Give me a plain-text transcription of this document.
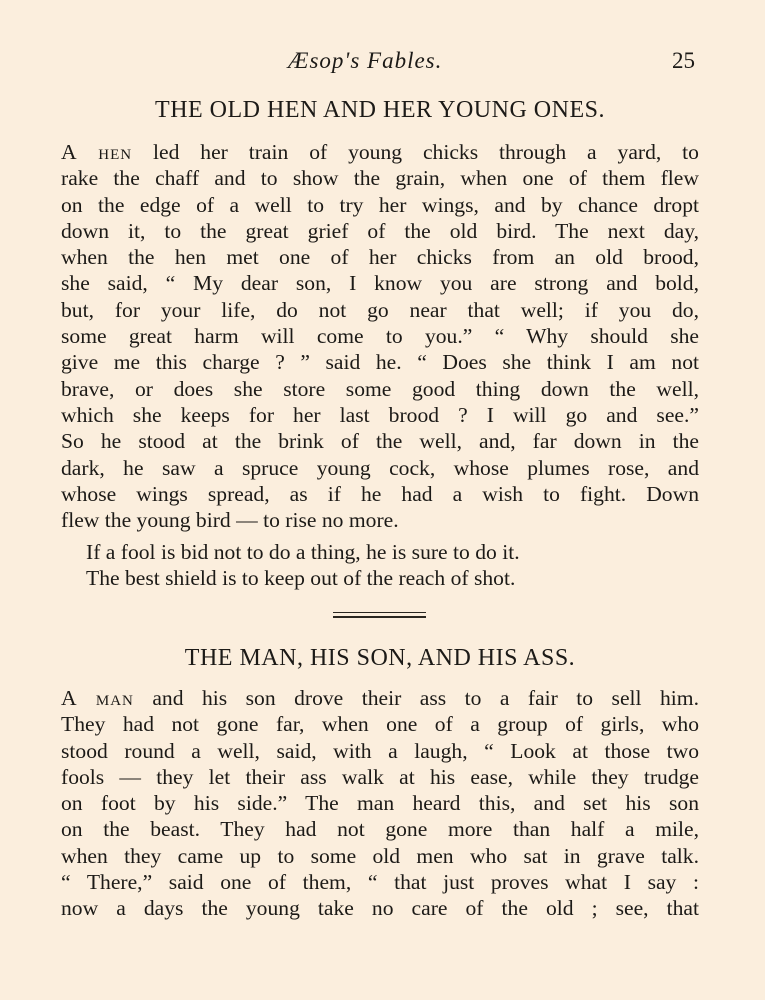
Æsop's Fables.	25
THE OLD HEN AND HER YOUNG ONES.
A hen led her train of young chicks through a yard, to
rake the chaff and to show the grain, when one of them flew
on the edge of a well to try her wings, and by chance dropt
down it, to the great grief of the old bird. The next day,
when the hen met one of her chicks from an old brood,
she said, “ My dear son, I know you are strong and bold,
but, for your life, do not go near that well; if you do,
some great harm will come to you.” “ Why should she
give me this charge ? ” said he. “ Does she think I am not
brave, or does she store some good thing down the well,
which she keeps for her last brood ? I will go and see.”
So he stood at the brink of the well, and, far down in the
dark, he saw a spruce young cock, whose plumes rose, and
whose wings spread, as if he had a wish to fight. Down
flew the young bird — to rise no more.
If a fool is bid not to do a thing, he is sure to do it.
The best shield is to keep out of the reach of shot.
THE MAN, HIS SON, AND HIS ASS.
A man and his son drove their ass to a fair to sell him.
They had not gone far, when one of a group of girls, who
stood round a well, said, with a laugh, “ Look at those two
fools — they let their ass walk at his ease, while they trudge
on foot by his side.” The man heard this, and set his son
on the beast. They had not gone more than half a mile,
when they came up to some old men who sat in grave talk.
“ There,” said one of them, “ that just proves what I say :
now a days the young take no care of the old ; see, that
